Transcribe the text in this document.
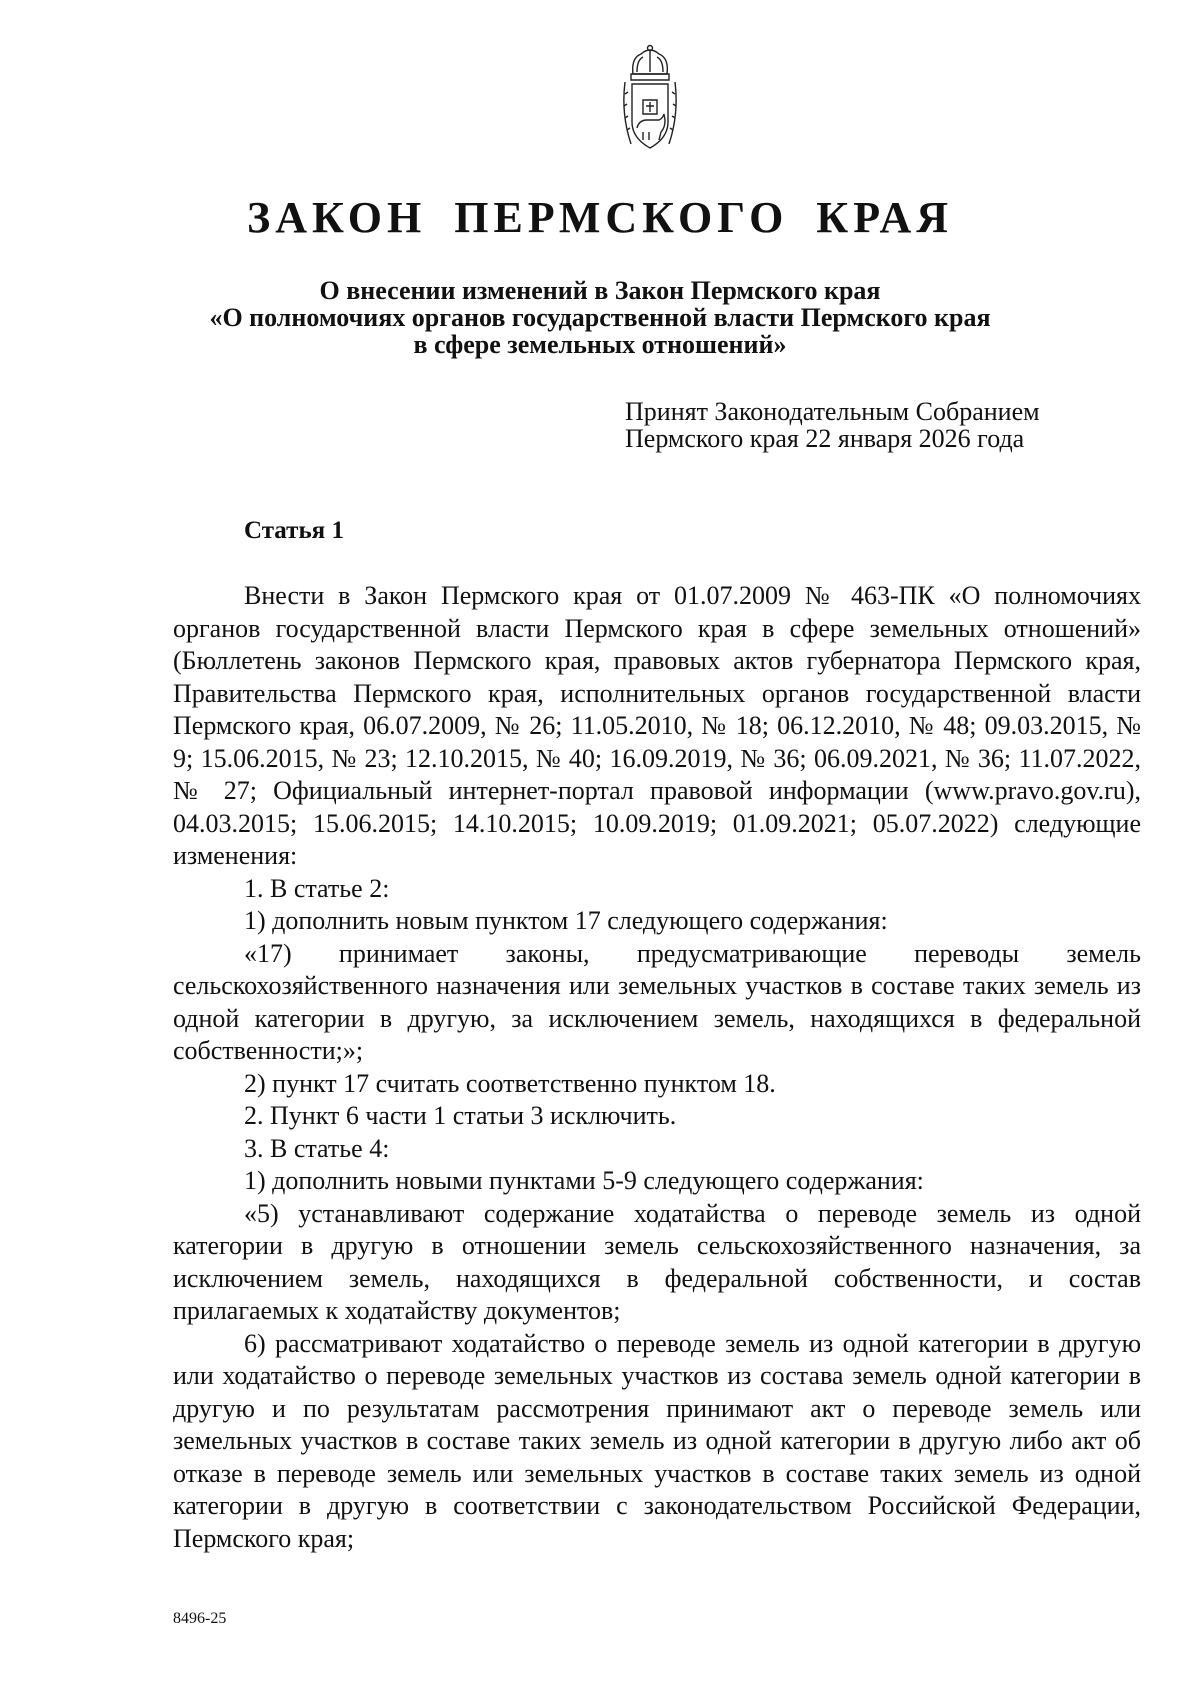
ЗАКОН ПЕРМСКОГО КРАЯ
О внесении изменений в Закон Пермского края
«О полномочиях органов государственной власти Пермского края
в сфере земельных отношений»
Принят Законодательным Собранием
Пермского края 22 января 2026 года
Статья 1

Внести в Закон Пермского края от 01.07.2009 № 463-ПК «О полномочиях органов государственной власти Пермского края в сфере земельных отношений» (Бюллетень законов Пермского края, правовых актов губернатора Пермского края, Правительства Пермского края, исполнительных органов государственной власти Пермского края, 06.07.2009, № 26; 11.05.2010, № 18; 06.12.2010, № 48; 09.03.2015, № 9; 15.06.2015, № 23; 12.10.2015, № 40; 16.09.2019, № 36; 06.09.2021, № 36; 11.07.2022, № 27; Официальный интернет-портал правовой информации (www.pravo.gov.ru), 04.03.2015; 15.06.2015; 14.10.2015; 10.09.2019; 01.09.2021; 05.07.2022) следующие изменения:

1. В статье 2:

1) дополнить новым пунктом 17 следующего содержания:

«17) принимает законы, предусматривающие переводы земель сельскохозяйственного назначения или земельных участков в составе таких земель из одной категории в другую, за исключением земель, находящихся в федеральной собственности;»;

2) пункт 17 считать соответственно пунктом 18.

2. Пункт 6 части 1 статьи 3 исключить.

3. В статье 4:

1) дополнить новыми пунктами 5-9 следующего содержания:

«5) устанавливают содержание ходатайства о переводе земель из одной категории в другую в отношении земель сельскохозяйственного назначения, за исключением земель, находящихся в федеральной собственности, и состав прилагаемых к ходатайству документов;

6) рассматривают ходатайство о переводе земель из одной категории в другую или ходатайство о переводе земельных участков из состава земель одной категории в другую и по результатам рассмотрения принимают акт о переводе земель или земельных участков в составе таких земель из одной категории в другую либо акт об отказе в переводе земель или земельных участков в составе таких земель из одной категории в другую в соответствии с законодательством Российской Федерации, Пермского края;

8496-25
